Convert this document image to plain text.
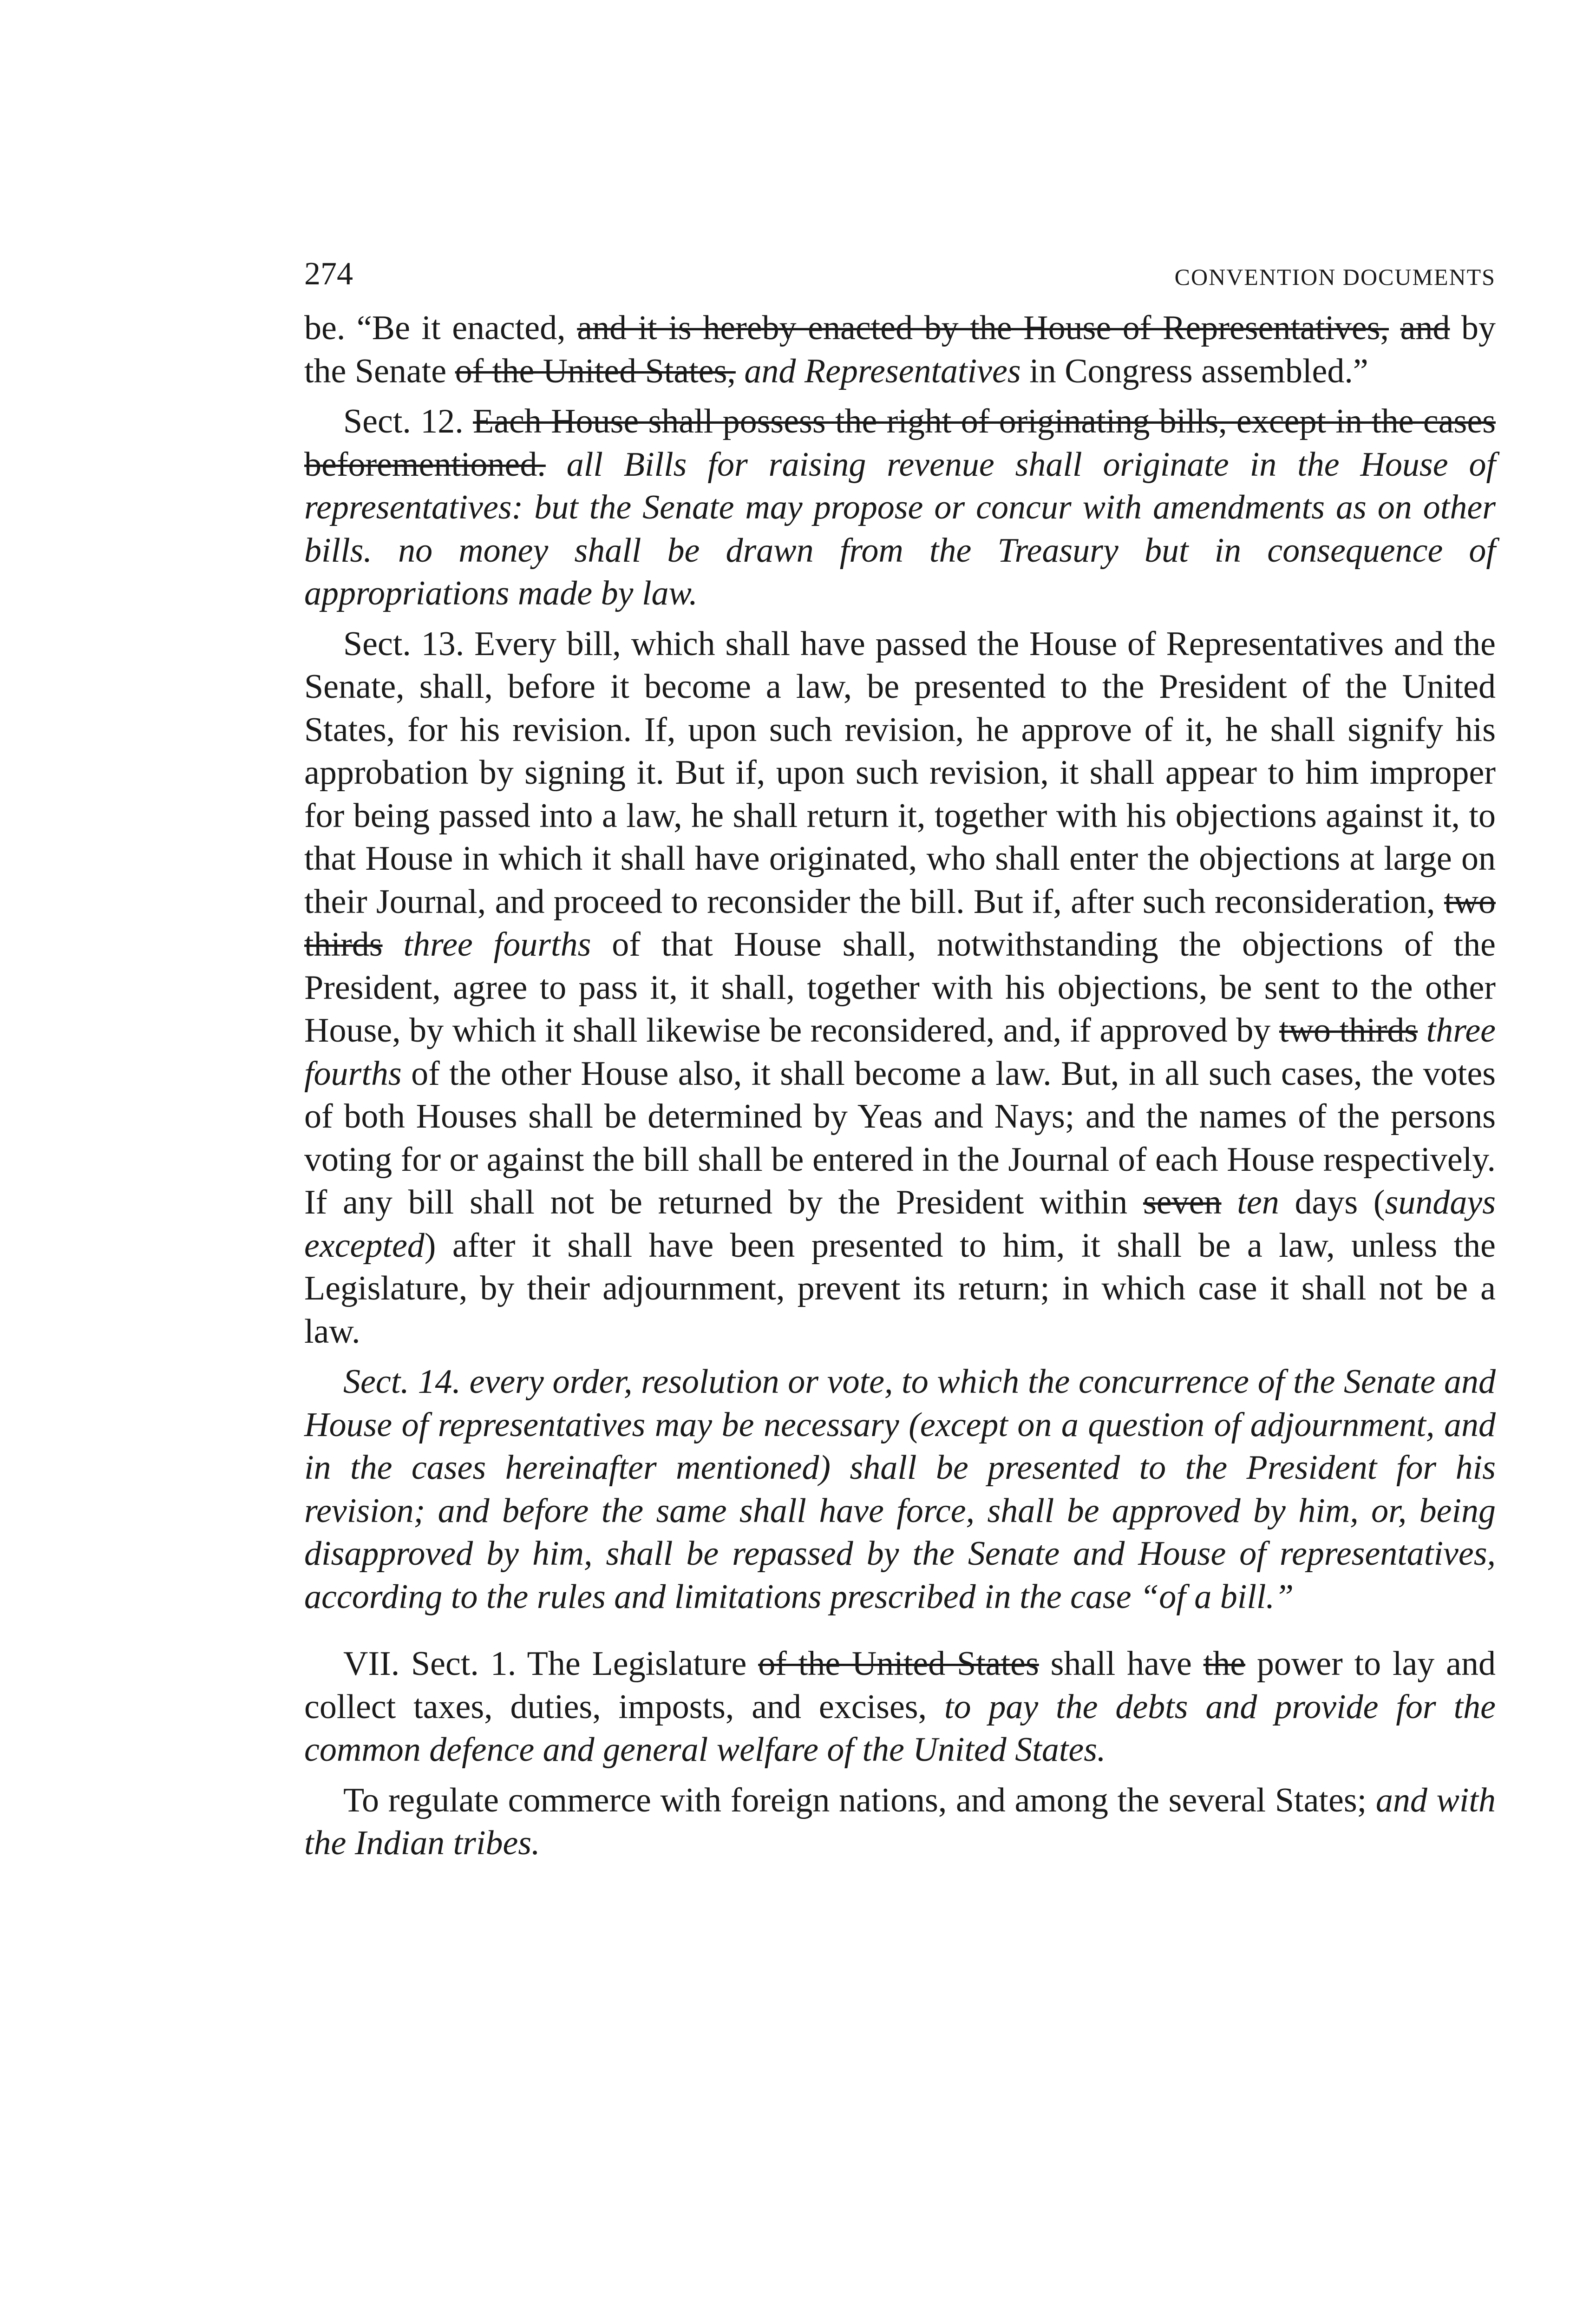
274	CONVENTION DOCUMENTS

be. “Be it enacted, and it is hereby enacted by the House of Representatives, and by the Senate of the United States, and Representatives in Congress assembled.”

Sect. 12. Each House shall possess the right of originating bills, except in the cases beforementioned. all Bills for raising revenue shall originate in the House of representatives: but the Senate may propose or concur with amendments as on other bills. no money shall be drawn from the Treasury but in consequence of appropriations made by law.

Sect. 13. Every bill, which shall have passed the House of Representatives and the Senate, shall, before it become a law, be presented to the President of the United States, for his revision. If, upon such revision, he approve of it, he shall signify his approbation by signing it. But if, upon such revision, it shall appear to him improper for being passed into a law, he shall return it, together with his objections against it, to that House in which it shall have originated, who shall enter the objections at large on their Journal, and proceed to reconsider the bill. But if, after such reconsideration, two thirds three fourths of that House shall, notwithstanding the objections of the President, agree to pass it, it shall, together with his objections, be sent to the other House, by which it shall likewise be reconsidered, and, if approved by two thirds three fourths of the other House also, it shall become a law. But, in all such cases, the votes of both Houses shall be determined by Yeas and Nays; and the names of the persons voting for or against the bill shall be entered in the Journal of each House respectively. If any bill shall not be returned by the President within seven ten days (sundays excepted) after it shall have been presented to him, it shall be a law, unless the Legislature, by their adjournment, prevent its return; in which case it shall not be a law.

Sect. 14. every order, resolution or vote, to which the concurrence of the Senate and House of representatives may be necessary (except on a question of adjournment, and in the cases hereinafter mentioned) shall be presented to the President for his revision; and before the same shall have force, shall be approved by him, or, being disapproved by him, shall be repassed by the Senate and House of representatives, according to the rules and limitations prescribed in the case “of a bill.”

VII. Sect. 1. The Legislature of the United States shall have the power to lay and collect taxes, duties, imposts, and excises, to pay the debts and provide for the common defence and general welfare of the United States.

To regulate commerce with foreign nations, and among the several States; and with the Indian tribes.
